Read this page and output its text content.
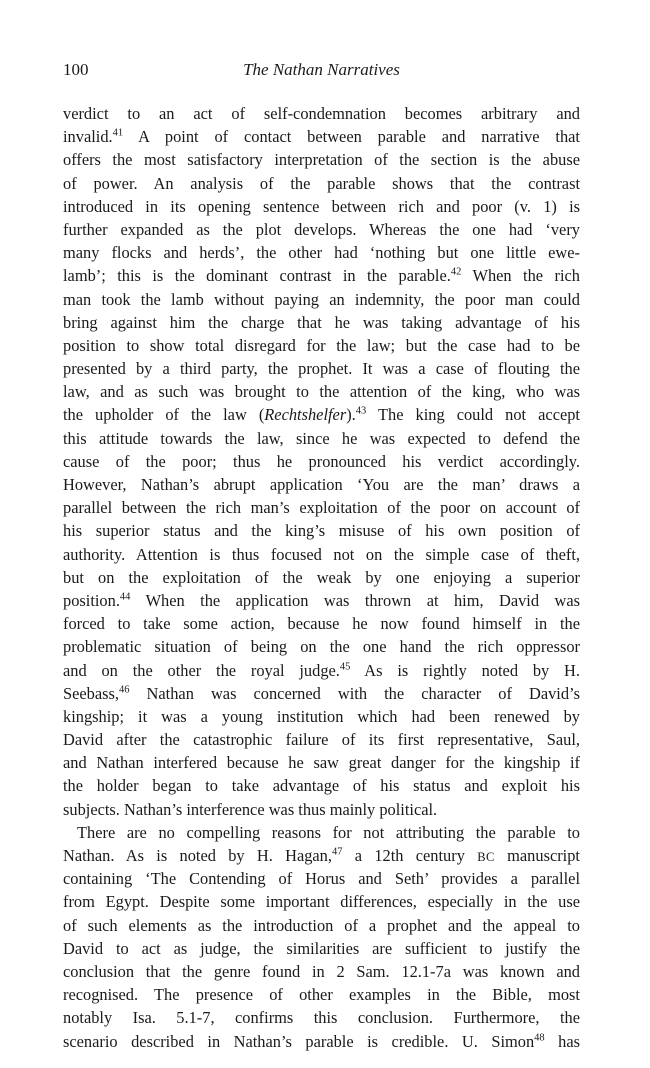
100	The Nathan Narratives
verdict to an act of self-condemnation becomes arbitrary and
invalid.$^{41}$ A point of contact between parable and narrative that
offers the most satisfactory interpretation of the section is the abuse
of power. An analysis of the parable shows that the contrast
introduced in its opening sentence between rich and poor (v. 1) is
further expanded as the plot develops. Whereas the one had ‘very
many flocks and herds’, the other had ‘nothing but one little ewe-
lamb’; this is the dominant contrast in the parable.$^{42}$ When the rich
man took the lamb without paying an indemnity, the poor man could
bring against him the charge that he was taking advantage of his
position to show total disregard for the law; but the case had to be
presented by a third party, the prophet. It was a case of flouting the
law, and as such was brought to the attention of the king, who was
the upholder of the law (Rechtshelfer).$^{43}$ The king could not accept
this attitude towards the law, since he was expected to defend the
cause of the poor; thus he pronounced his verdict accordingly.
However, Nathan’s abrupt application ‘You are the man’ draws a
parallel between the rich man’s exploitation of the poor on account of
his superior status and the king’s misuse of his own position of
authority. Attention is thus focused not on the simple case of theft,
but on the exploitation of the weak by one enjoying a superior
position.$^{44}$ When the application was thrown at him, David was
forced to take some action, because he now found himself in the
problematic situation of being on the one hand the rich oppressor
and on the other the royal judge.$^{45}$ As is rightly noted by H.
Seebass,$^{46}$ Nathan was concerned with the character of David’s
kingship; it was a young institution which had been renewed by
David after the catastrophic failure of its first representative, Saul,
and Nathan interfered because he saw great danger for the kingship if
the holder began to take advantage of his status and exploit his
subjects. Nathan’s interference was thus mainly political.
There are no compelling reasons for not attributing the parable to
Nathan. As is noted by H. Hagan,$^{47}$ a 12th century BC manuscript
containing ‘The Contending of Horus and Seth’ provides a parallel
from Egypt. Despite some important differences, especially in the use
of such elements as the introduction of a prophet and the appeal to
David to act as judge, the similarities are sufficient to justify the
conclusion that the genre found in 2 Sam. 12.1-7a was known and
recognised. The presence of other examples in the Bible, most
notably Isa. 5.1-7, confirms this conclusion. Furthermore, the
scenario described in Nathan’s parable is credible. U. Simon$^{48}$ has
